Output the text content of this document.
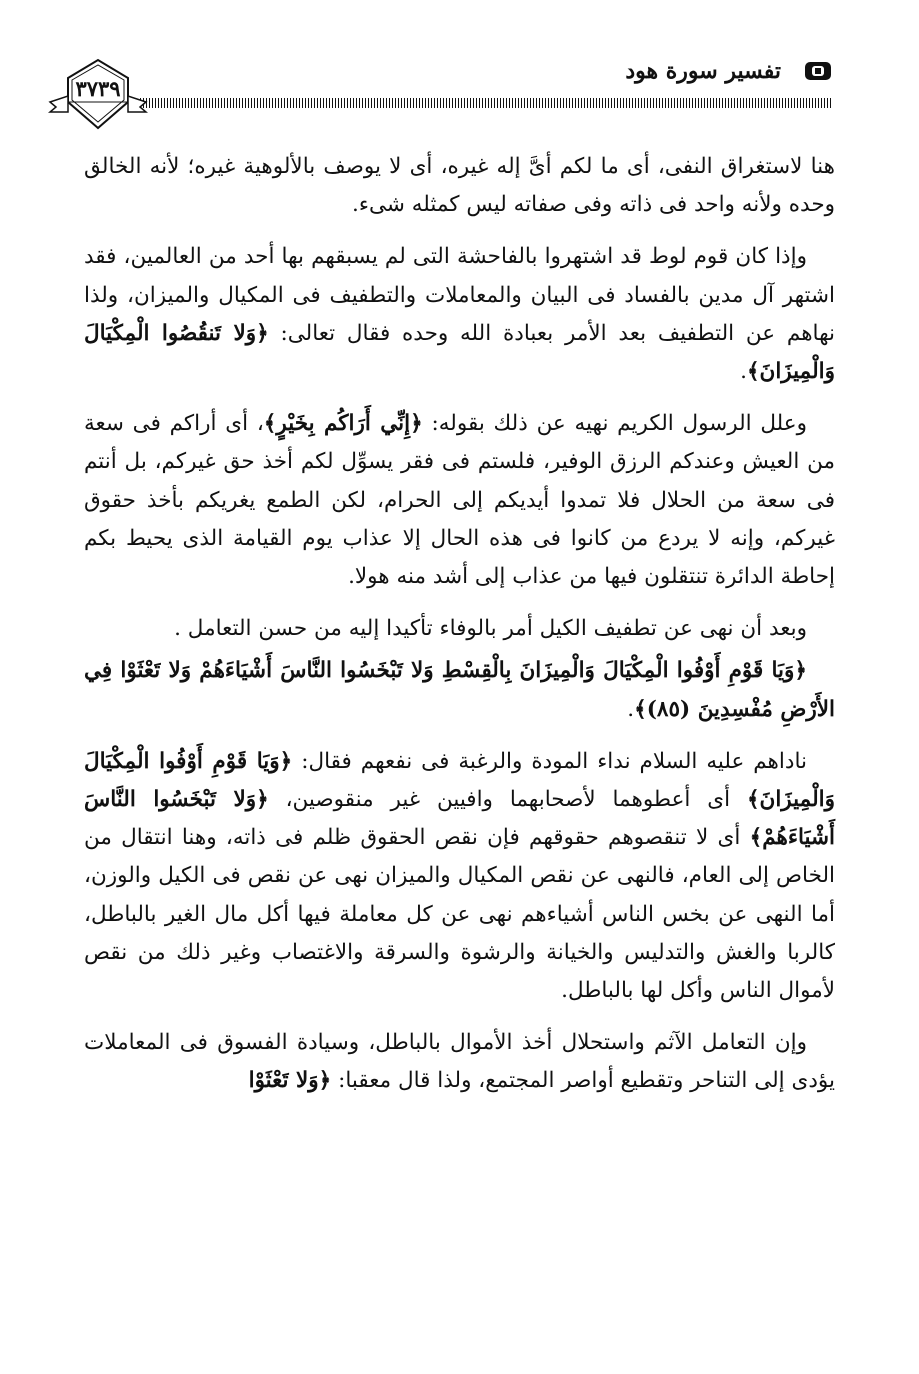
تفسير سورة هود
٣٧٣٩

هنا لاستغراق النفى، أى ما لكم أىَّ إله غيره، أى لا يوصف بالألوهية غيره؛ لأنه الخالق وحده ولأنه واحد فى ذاته وفى صفاته ليس كمثله شىء.

وإذا كان قوم لوط قد اشتهروا بالفاحشة التى لم يسبقهم بها أحد من العالمين، فقد اشتهر آل مدين بالفساد فى البيان والمعاملات والتطفيف فى المكيال والميزان، ولذا نهاهم عن التطفيف بعد الأمر بعبادة الله وحده فقال تعالى: ﴿وَلا تَنقُصُوا الْمِكْيَالَ وَالْمِيزَانَ﴾.

وعلل الرسول الكريم نهيه عن ذلك بقوله: ﴿إِنِّي أَرَاكُم بِخَيْرٍ﴾، أى أراكم فى سعة من العيش وعندكم الرزق الوفير، فلستم فى فقر يسوِّل لكم أخذ حق غيركم، بل أنتم فى سعة من الحلال فلا تمدوا أيديكم إلى الحرام، لكن الطمع يغريكم بأخذ حقوق غيركم، وإنه لا يردع من كانوا فى هذه الحال إلا عذاب يوم القيامة الذى يحيط بكم إحاطة الدائرة تنتقلون فيها من عذاب إلى أشد منه هولا.

وبعد أن نهى عن تطفيف الكيل أمر بالوفاء تأكيدا إليه من حسن التعامل .

﴿وَيَا قَوْمِ أَوْفُوا الْمِكْيَالَ وَالْمِيزَانَ بِالْقِسْطِ وَلا تَبْخَسُوا النَّاسَ أَشْيَاءَهُمْ وَلا تَعْثَوْا فِي الأَرْضِ مُفْسِدِينَ (٨٥)﴾.

ناداهم عليه السلام نداء المودة والرغبة فى نفعهم فقال: ﴿وَيَا قَوْمِ أَوْفُوا الْمِكْيَالَ وَالْمِيزَانَ﴾ أى أعطوهما لأصحابهما وافيين غير منقوصين، ﴿وَلا تَبْخَسُوا النَّاسَ أَشْيَاءَهُمْ﴾ أى لا تنقصوهم حقوقهم فإن نقص الحقوق ظلم فى ذاته، وهنا انتقال من الخاص إلى العام، فالنهى عن نقص المكيال والميزان نهى عن نقص فى الكيل والوزن، أما النهى عن بخس الناس أشياءهم نهى عن كل معاملة فيها أكل مال الغير بالباطل، كالربا والغش والتدليس والخيانة والرشوة والسرقة والاغتصاب وغير ذلك من نقص لأموال الناس وأكل لها بالباطل.

وإن التعامل الآثم واستحلال أخذ الأموال بالباطل، وسيادة الفسوق فى المعاملات يؤدى إلى التناحر وتقطيع أواصر المجتمع، ولذا قال معقبا: ﴿وَلا تَعْثَوْا
